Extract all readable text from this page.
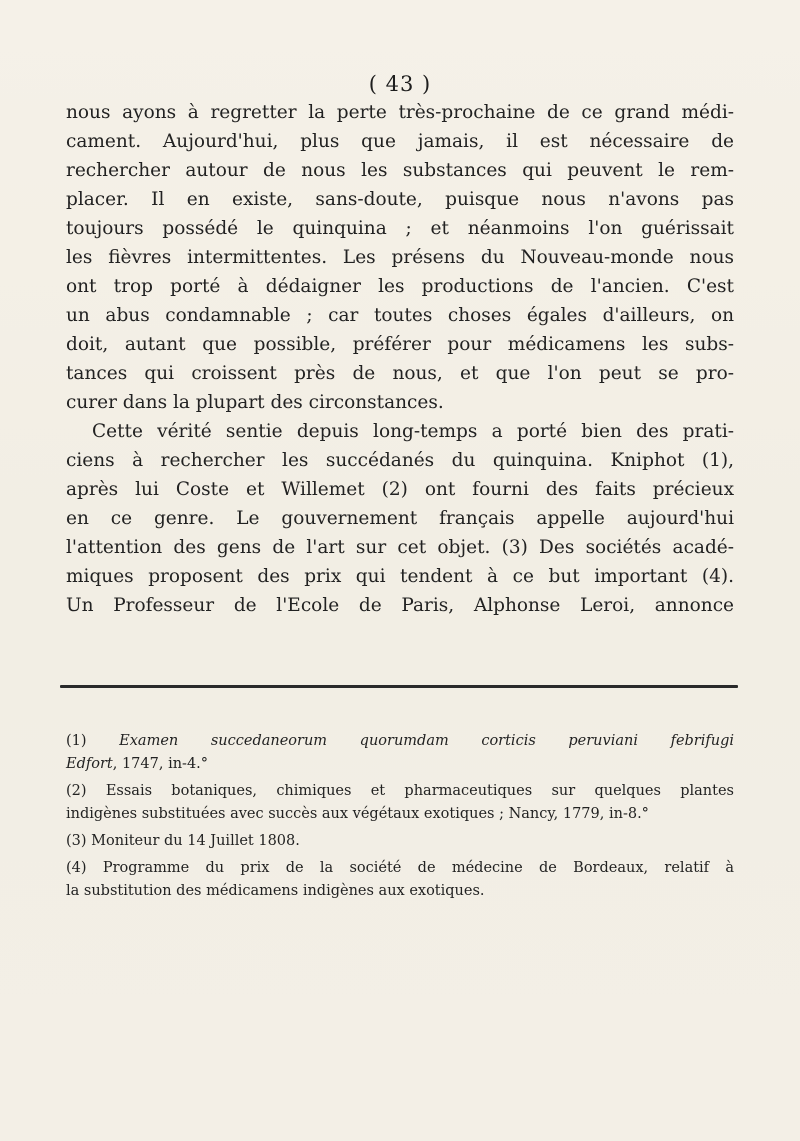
( 43 )
nous ayons à regretter la perte très-prochaine de ce grand médi-
cament. Aujourd'hui, plus que jamais, il est nécessaire de
rechercher autour de nous les substances qui peuvent le rem-
placer. Il en existe, sans-doute, puisque nous n'avons pas
toujours possédé le quinquina ; et néanmoins l'on guérissait
les fièvres intermittentes. Les présens du Nouveau-monde nous
ont trop porté à dédaigner les productions de l'ancien. C'est
un abus condamnable ; car toutes choses égales d'ailleurs, on
doit, autant que possible, préférer pour médicamens les subs-
tances qui croissent près de nous, et que l'on peut se pro-
curer dans la plupart des circonstances.
Cette vérité sentie depuis long-temps a porté bien des prati-
ciens à rechercher les succédanés du quinquina. Kniphot (1),
après lui Coste et Willemet (2) ont fourni des faits précieux
en ce genre. Le gouvernement français appelle aujourd'hui
l'attention des gens de l'art sur cet objet. (3) Des sociétés acadé-
miques proposent des prix qui tendent à ce but important (4).
Un Professeur de l'Ecole de Paris, Alphonse Leroi, annonce
(1) Examen succedaneorum quorumdam corticis peruviani febrifugi
Edfort, 1747, in-4.°
(2) Essais botaniques, chimiques et pharmaceutiques sur quelques plantes
indigènes substituées avec succès aux végétaux exotiques ; Nancy, 1779, in-8.°
(3) Moniteur du 14 Juillet 1808.
(4) Programme du prix de la société de médecine de Bordeaux, relatif à
la substitution des médicamens indigènes aux exotiques.
